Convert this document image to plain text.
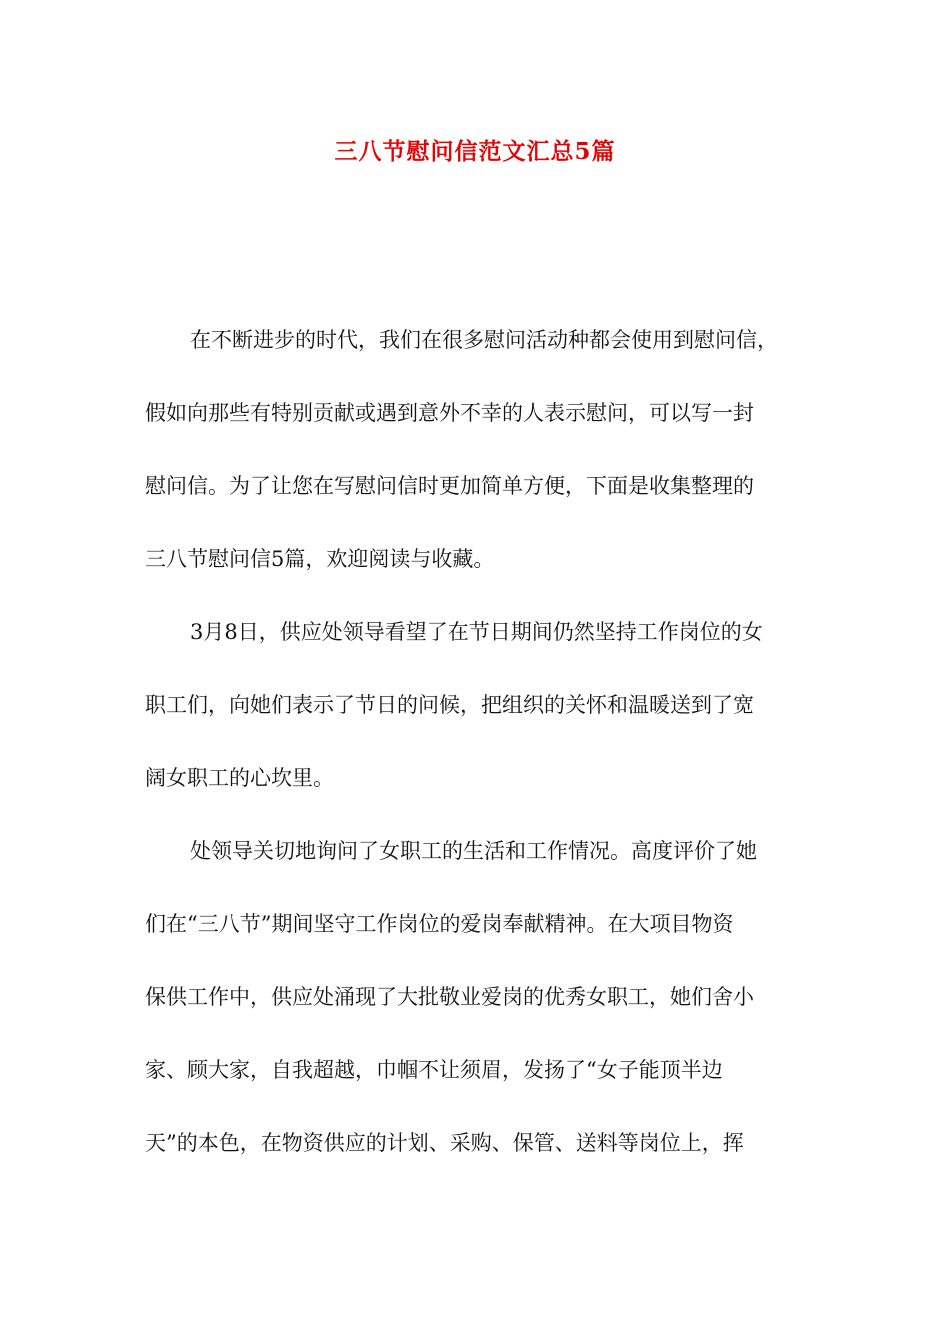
三八节慰问信范文汇总5篇

在不断进步的时代，我们在很多慰问活动种都会使用到慰问信，
假如向那些有特别贡献或遇到意外不幸的人表示慰问，可以写一封
慰问信。为了让您在写慰问信时更加简单方便，下面是收集整理的
三八节慰问信5篇，欢迎阅读与收藏。

3月8日，供应处领导看望了在节日期间仍然坚持工作岗位的女
职工们，向她们表示了节日的问候，把组织的关怀和温暖送到了宽
阔女职工的心坎里。

处领导关切地询问了女职工的生活和工作情况。高度评价了她
们在“三八节”期间坚守工作岗位的爱岗奉献精神。在大项目物资
保供工作中，供应处涌现了大批敬业爱岗的优秀女职工，她们舍小
家、顾大家，自我超越，巾帼不让须眉，发扬了“女子能顶半边
天”的本色，在物资供应的计划、采购、保管、送料等岗位上，挥
